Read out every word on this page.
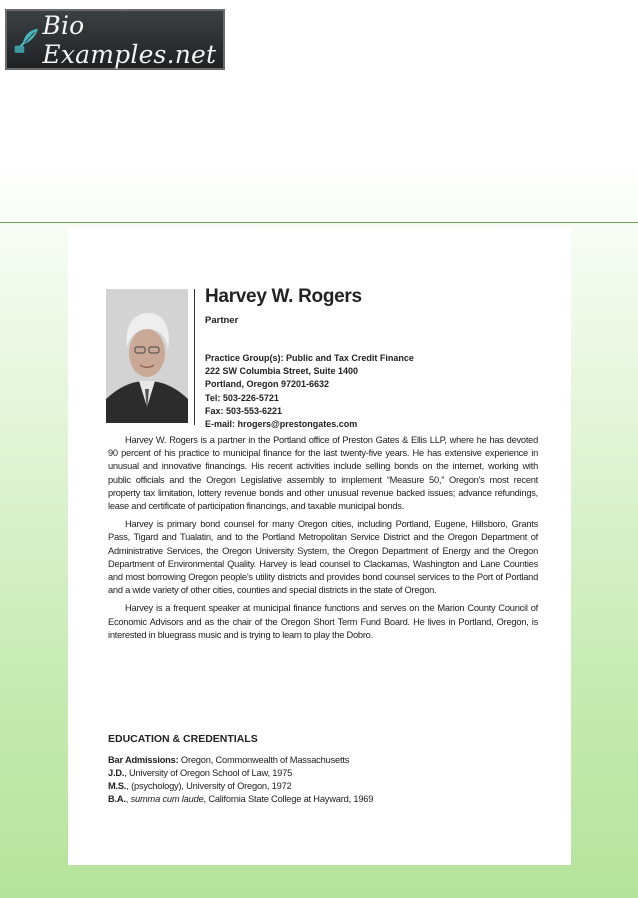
Bio Examples.net
Harvey W. Rogers
Partner
Practice Group(s): Public and Tax Credit Finance
222 SW Columbia Street, Suite 1400
Portland, Oregon 97201-6632
Tel: 503-226-5721
Fax: 503-553-6221
E-mail: hrogers@prestongates.com

Harvey W. Rogers is a partner in the Portland office of Preston Gates & Ellis LLP, where he has devoted 90 percent of his practice to municipal finance for the last twenty-five years. He has extensive experience in unusual and innovative financings. His recent activities include selling bonds on the internet, working with public officials and the Oregon Legislative assembly to implement “Measure 50,” Oregon’s most recent property tax limitation, lottery revenue bonds and other unusual revenue backed issues; advance refundings, lease and certificate of participation financings, and taxable municipal bonds.

Harvey is primary bond counsel for many Oregon cities, including Portland, Eugene, Hillsboro, Grants Pass, Tigard and Tualatin, and to the Portland Metropolitan Service District and the Oregon Department of Administrative Services, the Oregon University System, the Oregon Department of Energy and the Oregon Department of Environmental Quality. Harvey is lead counsel to Clackamas, Washington and Lane Counties and most borrowing Oregon people’s utility districts and provides bond counsel services to the Port of Portland and a wide variety of other cities, counties and special districts in the state of Oregon.

Harvey is a frequent speaker at municipal finance functions and serves on the Marion County Council of Economic Advisors and as the chair of the Oregon Short Term Fund Board. He lives in Portland, Oregon, is interested in bluegrass music and is trying to learn to play the Dobro.

EDUCATION & CREDENTIALS
Bar Admissions: Oregon, Commonwealth of Massachusetts
J.D., University of Oregon School of Law, 1975
M.S., (psychology), University of Oregon, 1972
B.A., summa cum laude, California State College at Hayward, 1969
